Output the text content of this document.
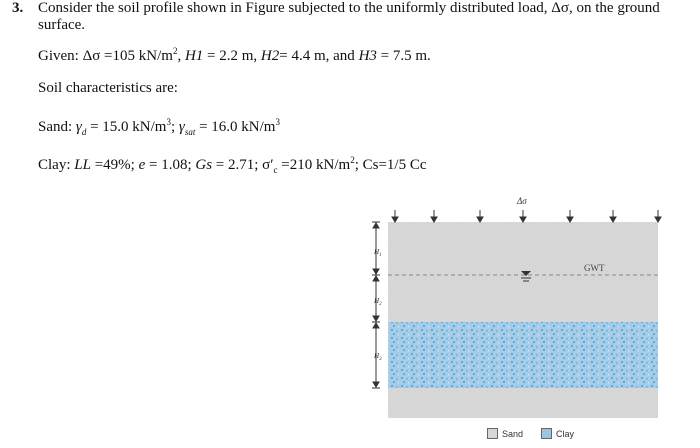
3. Consider the soil profile shown in Figure subjected to the uniformly distributed load, Δσ, on the ground
surface.
Given: Δσ =105 $kN/m^2$, H1 = 2.2 m, H2= 4.4 m, and H3 = 7.5 m.
Soil characteristics are:
Sand: $\gamma_d = 15.0$ $kN/m^3$; $\gamma_{sat} = 16.0$ $kN/m^3$
Clay: LL =49%; e = 1.08; Gs = 2.71; $\sigma'_c =210$ $kN/m^2$; Cs=1/5 Cc
GWT
Δσ
$H_1$
$H_2$
$H_3$
Sand	Clay
